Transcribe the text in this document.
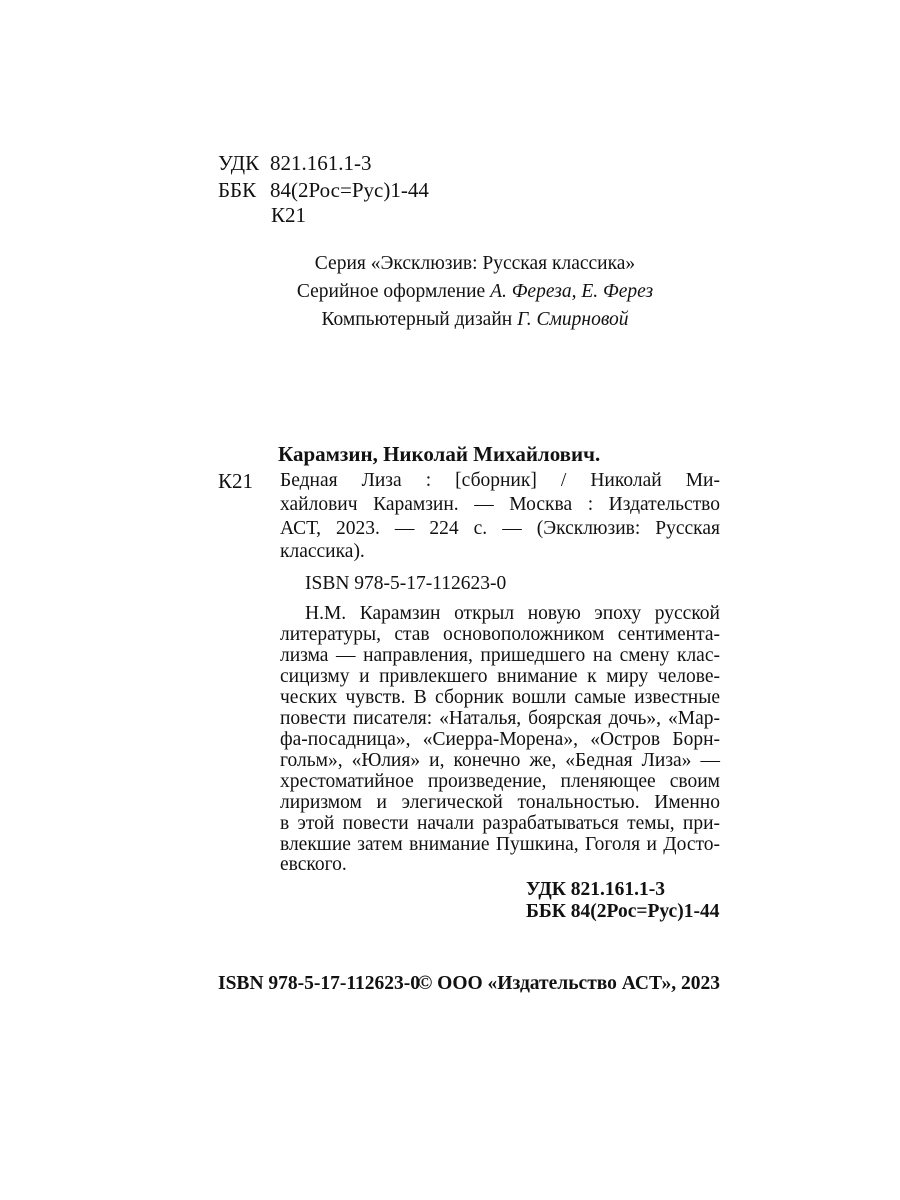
УДК 821.161.1-3
ББК 84(2Рос=Рус)1-44
К21
Серия «Эксклюзив: Русская классика»
Серийное оформление А. Фереза, Е. Ферез
Компьютерный дизайн Г. Смирновой
Карамзин, Николай Михайлович.
К21 Бедная Лиза : [сборник] / Николай Ми-
хайлович Карамзин. — Москва : Издательство
АСТ, 2023. — 224 с. — (Эксклюзив: Русская
классика).
ISBN 978-5-17-112623-0
Н.М. Карамзин открыл новую эпоху русской
литературы, став основоположником сентимента-
лизма — направления, пришедшего на смену клас-
сицизму и привлекшего внимание к миру челове-
ческих чувств. В сборник вошли самые известные
повести писателя: «Наталья, боярская дочь», «Мар-
фа-посадница», «Сиерра-Морена», «Остров Борн-
гольм», «Юлия» и, конечно же, «Бедная Лиза» —
хрестоматийное произведение, пленяющее своим
лиризмом и элегической тональностью. Именно
в этой повести начали разрабатываться темы, при-
влекшие затем внимание Пушкина, Гоголя и Досто-
евского.
УДК 821.161.1-3
ББК 84(2Рос=Рус)1-44
ISBN 978-5-17-112623-0
© ООО «Издательство АСТ», 2023
